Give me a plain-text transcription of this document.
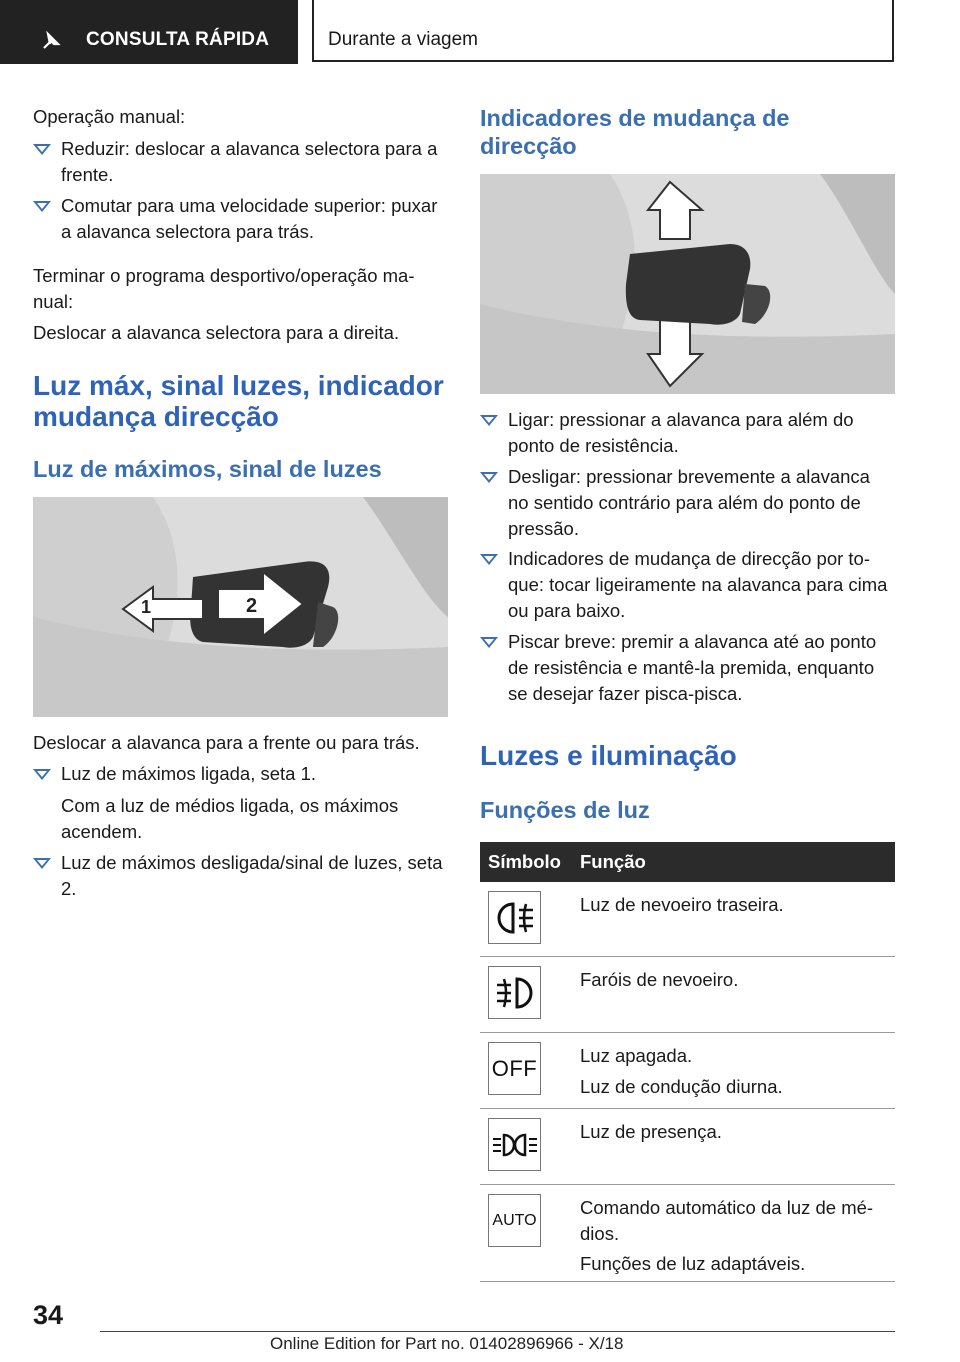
CONSULTA RÁPIDA	Durante a viagem

Operação manual:

Reduzir: deslocar a alavanca selectora para a frente.
Comutar para uma velocidade superior: puxar a alavanca selectora para trás.

Terminar o programa desportivo/operação ma‐nual:

Deslocar a alavanca selectora para a direita.

Luz máx, sinal luzes, indicador mudança direcção
Luz de máximos, sinal de luzes
1	2

Deslocar a alavanca para a frente ou para trás.

Luz de máximos ligada, seta 1.

Com a luz de médios ligada, os máximos acendem.

Luz de máximos desligada/sinal de luzes, seta 2.
Indicadores de mudança de direcção
Ligar: pressionar a alavanca para além do ponto de resistência.
Desligar: pressionar brevemente a alavanca no sentido contrário para além do ponto de pressão.
Indicadores de mudança de direcção por to‐que: tocar ligeiramente na alavanca para cima ou para baixo.
Piscar breve: premir a alavanca até ao ponto de resistência e mantê-la premida, enquanto se desejar fazer pisca-pisca.
Luzes e iluminação
Funções de luz
Símbolo Função
Luz de nevoeiro traseira.
Faróis de nevoeiro.
OFF Luz apagada.
Luz de condução diurna.
Luz de presença.
AUTO
Comando automático da luz de mé‐dios.
Funções de luz adaptáveis.
34
Online Edition for Part no. 01402896966 - X/18
